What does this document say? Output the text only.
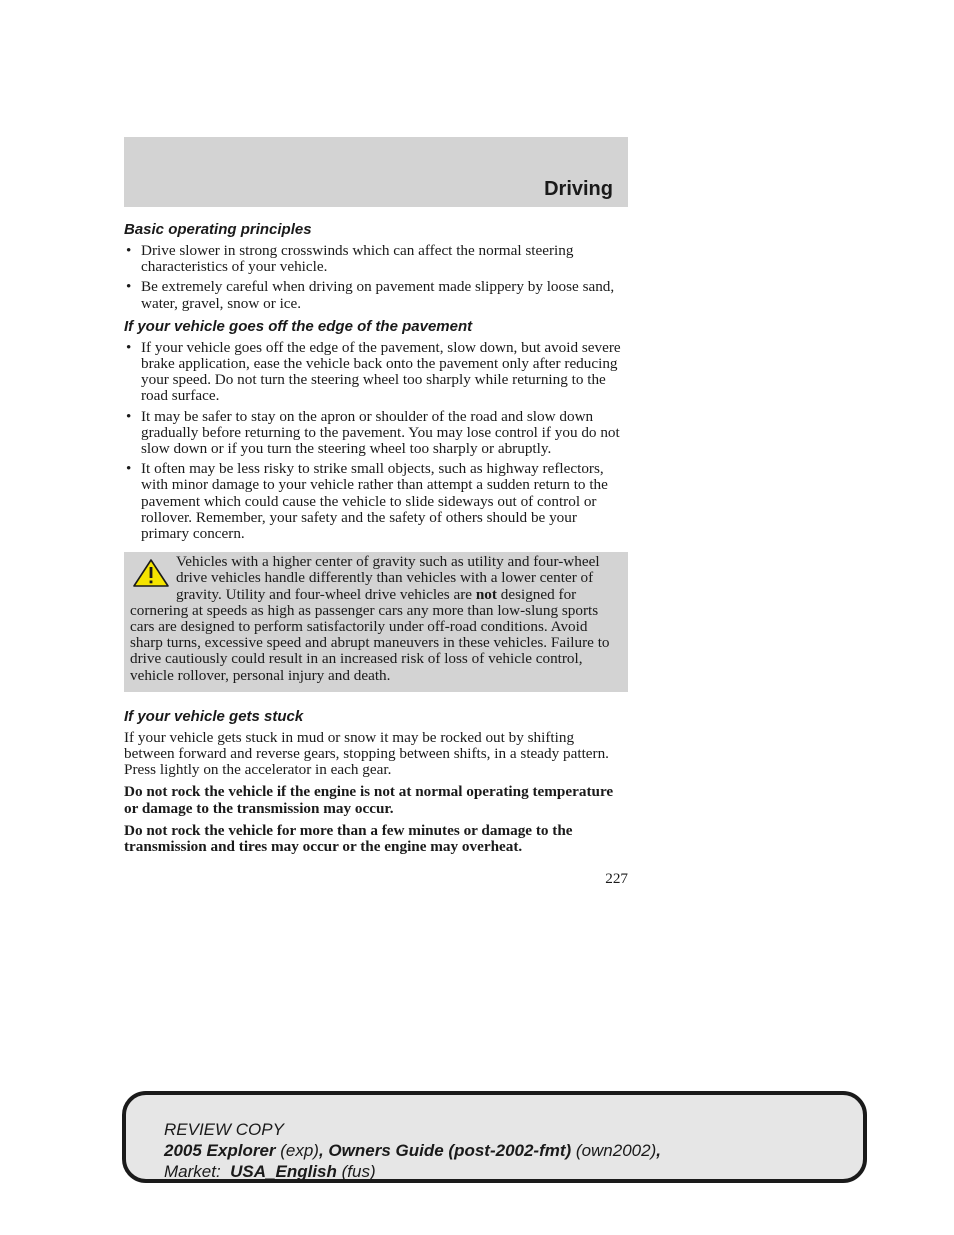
Driving
Basic operating principles
• Drive slower in strong crosswinds which can affect the normal steering characteristics of your vehicle.
• Be extremely careful when driving on pavement made slippery by loose sand, water, gravel, snow or ice.
If your vehicle goes off the edge of the pavement
• If your vehicle goes off the edge of the pavement, slow down, but avoid severe brake application, ease the vehicle back onto the pavement only after reducing your speed. Do not turn the steering wheel too sharply while returning to the road surface.
• It may be safer to stay on the apron or shoulder of the road and slow down gradually before returning to the pavement. You may lose control if you do not slow down or if you turn the steering wheel too sharply or abruptly.
• It often may be less risky to strike small objects, such as highway reflectors, with minor damage to your vehicle rather than attempt a sudden return to the pavement which could cause the vehicle to slide sideways out of control or rollover. Remember, your safety and the safety of others should be your primary concern.
Vehicles with a higher center of gravity such as utility and four-wheel drive vehicles handle differently than vehicles with a lower center of gravity. Utility and four-wheel drive vehicles are not designed for cornering at speeds as high as passenger cars any more than low-slung sports cars are designed to perform satisfactorily under off-road conditions. Avoid sharp turns, excessive speed and abrupt maneuvers in these vehicles. Failure to drive cautiously could result in an increased risk of loss of vehicle control, vehicle rollover, personal injury and death.
If your vehicle gets stuck

If your vehicle gets stuck in mud or snow it may be rocked out by shifting between forward and reverse gears, stopping between shifts, in a steady pattern. Press lightly on the accelerator in each gear.

Do not rock the vehicle if the engine is not at normal operating temperature or damage to the transmission may occur.

Do not rock the vehicle for more than a few minutes or damage to the transmission and tires may occur or the engine may overheat.

227
REVIEW COPY
2005 Explorer (exp), Owners Guide (post-2002-fmt) (own2002),
Market: USA_English (fus)
